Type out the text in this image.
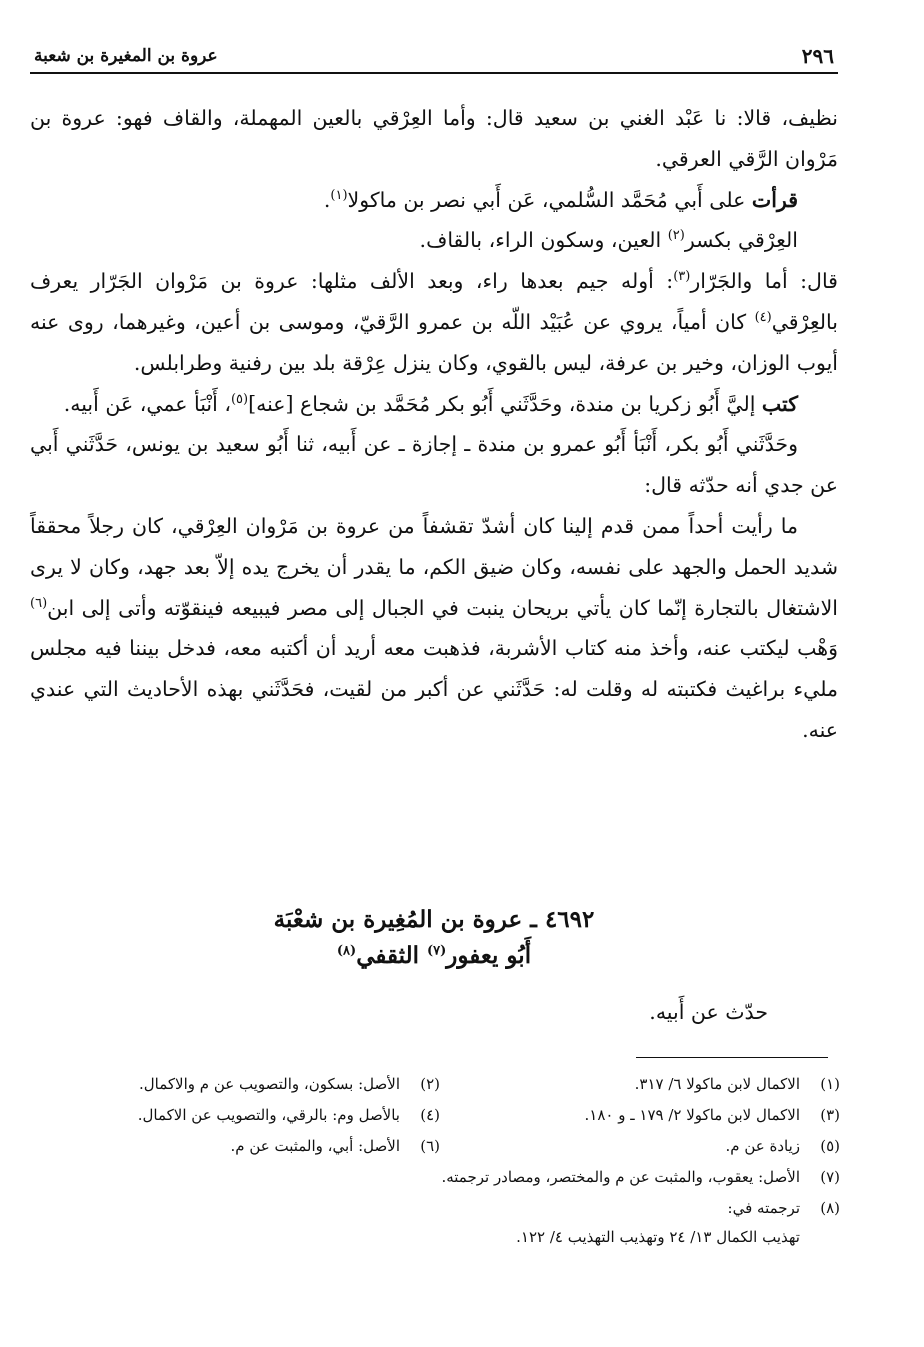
٢٩٦
عروة بن المغيرة بن شعبة

نظيف، قالا: نا عَبْد الغني بن سعيد قال: وأما العِرْقي بالعين المهملة، والقاف فهو: عروة بن مَرْوان الرَّقي العرقي.

قرأت على أَبي مُحَمَّد السُّلمي، عَن أَبي نصر بن ماكولا$^{(١)}$.

العِرْقي بكسر$^{(٢)}$ العين، وسكون الراء، بالقاف.

قال: أما والجَرّار$^{(٣)}$: أوله جيم بعدها راء، وبعد الألف مثلها: عروة بن مَرْوان الجَرّار يعرف بالعِرْقي$^{(٤)}$ كان أمياً، يروي عن عُبَيْد اللّه بن عمرو الرَّقيّ، وموسى بن أعين، وغيرهما، روى عنه أيوب الوزان، وخير بن عرفة، ليس بالقوي، وكان ينزل عِرْقة بلد بين رفنية وطرابلس.

كتب إليَّ أَبُو زكريا بن مندة، وحَدَّثَني أَبُو بكر مُحَمَّد بن شجاع [عنه]$^{(٥)}$، أَنْبَأ عمي، عَن أَبيه.

وحَدَّثَني أَبُو بكر، أَنْبَأ أَبُو عمرو بن مندة ـ إجازة ـ عن أَبيه، ثنا أَبُو سعيد بن يونس، حَدَّثَني أَبي عن جدي أنه حدّثه قال:

ما رأيت أحداً ممن قدم إلينا كان أشدّ تقشفاً من عروة بن مَرْوان العِرْقي، كان رجلاً محققاً شديد الحمل والجهد على نفسه، وكان ضيق الكم، ما يقدر أن يخرج يده إلاّ بعد جهد، وكان لا يرى الاشتغال بالتجارة إنّما كان يأتي بريحان ينبت في الجبال إلى مصر فيبيعه فينقوّته وأتى إلى ابن$^{(٦)}$ وَهْب ليكتب عنه، وأخذ منه كتاب الأشربة، فذهبت معه أريد أن أكتبه معه، فدخل بيننا فيه مجلس مليء براغيث فكتبته له وقلت له: حَدَّثَني عن أكبر من لقيت، فحَدَّثَني بهذه الأحاديث التي عندي عنه.

٤٦٩٢ ـ عروة بن المُغِيرة بن شعْبَة
أَبُو يعفور$^{(٧)}$ الثقفي$^{(٨)}$

حدّث عن أَبيه.

(١)
الاكمال لابن ماكولا ٦/ ٣١٧.
(٢)
الأصل: بسكون، والتصويب عن م والاكمال.
(٣)
الاكمال لابن ماكولا ٢/ ١٧٩ ـ و ١٨٠.
(٤)
بالأصل وم: بالرقي، والتصويب عن الاكمال.
(٥)
زيادة عن م.
(٦)
الأصل: أبي، والمثبت عن م.
(٧)
الأصل: يعقوب، والمثبت عن م والمختصر، ومصادر ترجمته.
(٨)
ترجمته في:
تهذيب الكمال ١٣/ ٢٤ وتهذيب التهذيب ٤/ ١٢٢.
